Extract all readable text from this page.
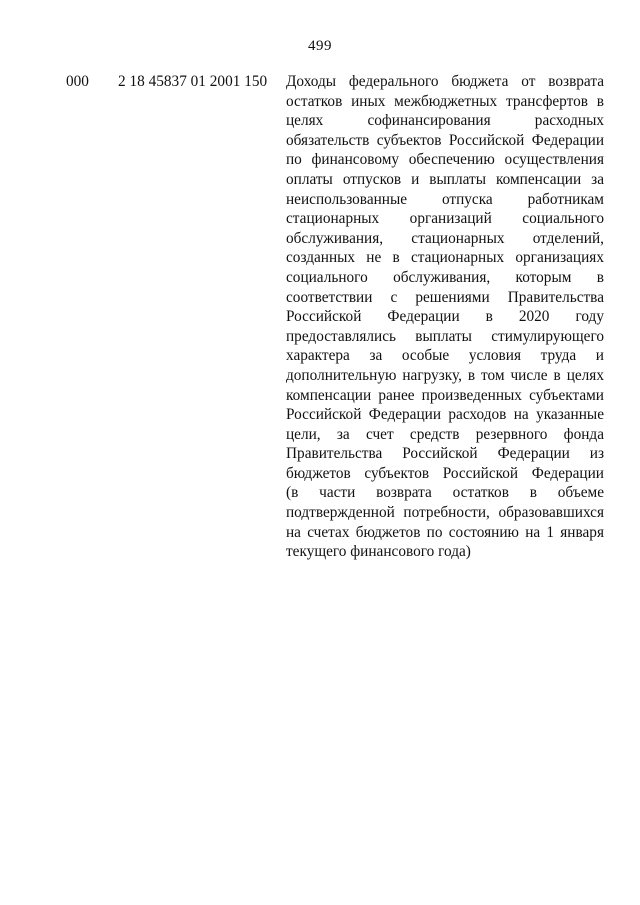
499
000 2 18 45837 01 2001 150 Доходы федерального бюджета от возврата
остатков иных межбюджетных трансфертов в
целях софинансирования расходных
обязательств субъектов Российской Федерации
по финансовому обеспечению осуществления
оплаты отпусков и выплаты компенсации за
неиспользованные отпуска работникам
стационарных организаций социального
обслуживания, стационарных отделений,
созданных не в стационарных организациях
социального обслуживания, которым в
соответствии с решениями Правительства
Российской Федерации в 2020 году
предоставлялись выплаты стимулирующего
характера за особые условия труда и
дополнительную нагрузку, в том числе в целях
компенсации ранее произведенных субъектами
Российской Федерации расходов на указанные
цели, за счет средств резервного фонда
Правительства Российской Федерации из
бюджетов субъектов Российской Федерации
(в части возврата остатков в объеме
подтвержденной потребности, образовавшихся
на счетах бюджетов по состоянию на 1 января
текущего финансового года)
